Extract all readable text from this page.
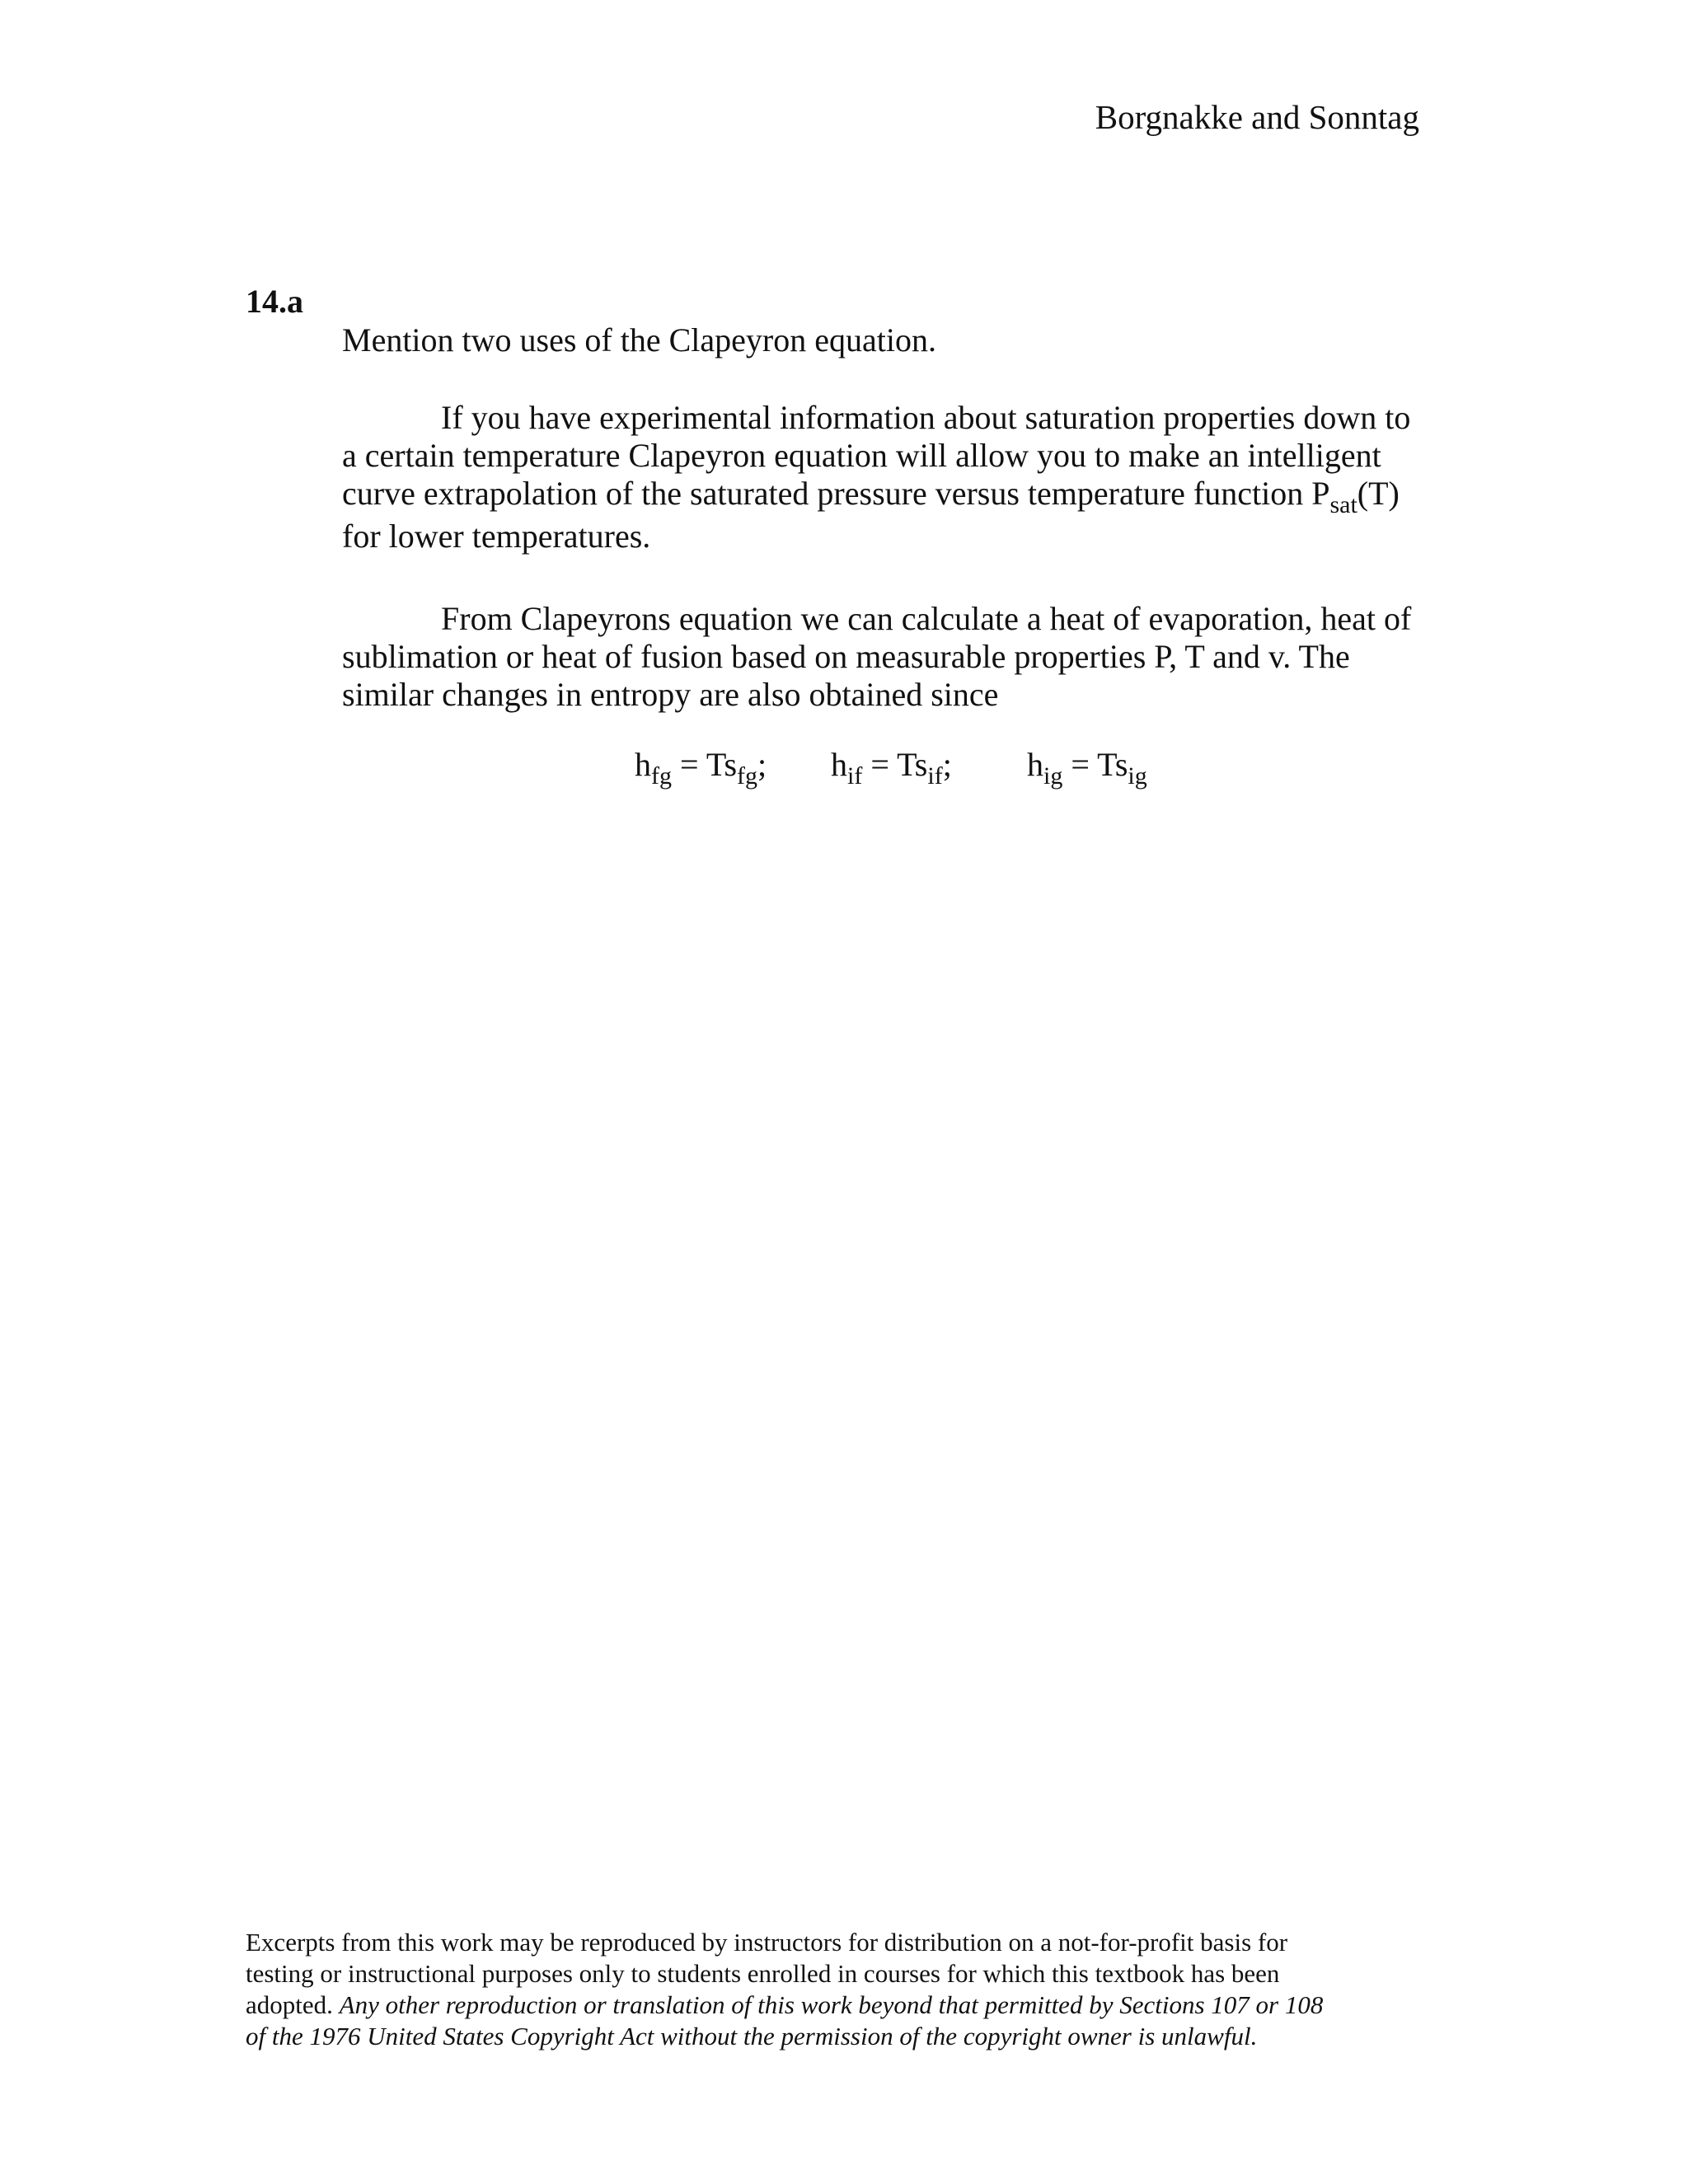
Borgnakke and Sonntag
14.a

Mention two uses of the Clapeyron equation.

If you have experimental information about saturation properties down to
a certain temperature Clapeyron equation will allow you to make an intelligent
curve extrapolation of the saturated pressure versus temperature function $P_{sat}(T)$
for lower temperatures.

From Clapeyrons equation we can calculate a heat of evaporation, heat of
sublimation or heat of fusion based on measurable properties P, T and v. The
similar changes in entropy are also obtained since

$h_{fg} = Ts_{fg}$; $h_{if} = Ts_{if}$; $h_{ig} = Ts_{ig}$
Excerpts from this work may be reproduced by instructors for distribution on a not-for-profit basis for
testing or instructional purposes only to students enrolled in courses for which this textbook has been
adopted. Any other reproduction or translation of this work beyond that permitted by Sections 107 or 108
of the 1976 United States Copyright Act without the permission of the copyright owner is unlawful.
